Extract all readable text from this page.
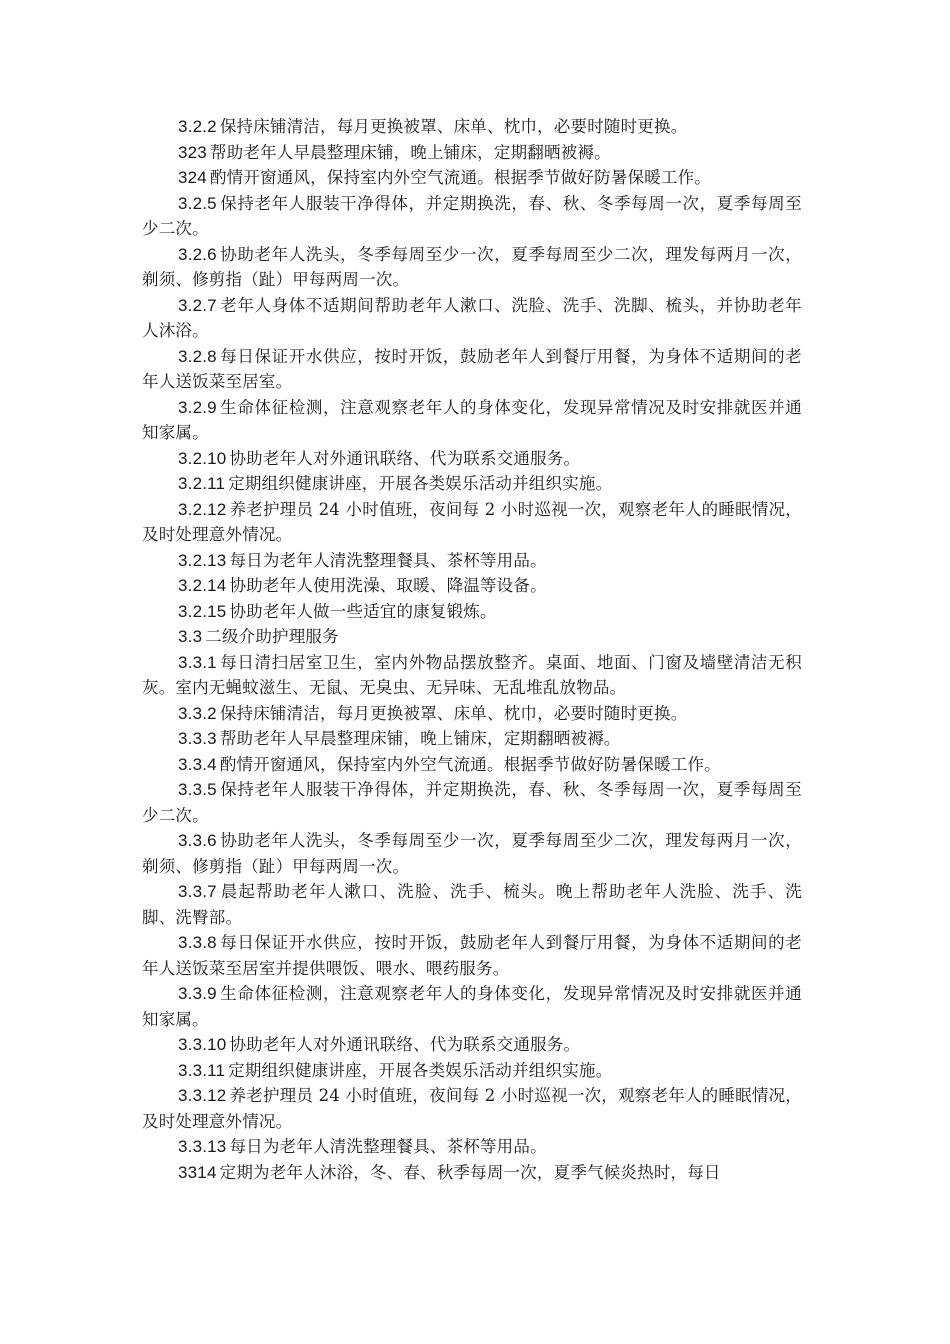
3.2.2 保持床铺清洁，每月更换被罩、床单、枕巾，必要时随时更换。

323 帮助老年人早晨整理床铺，晚上铺床，定期翻晒被褥。

324 酌情开窗通风，保持室内外空气流通。根据季节做好防暑保暖工作。

3.2.5 保持老年人服装干净得体，并定期换洗，春、秋、冬季每周一次，夏季每周至少二次。

3.2.6 协助老年人洗头，冬季每周至少一次，夏季每周至少二次，理发每两月一次，剃须、修剪指（趾）甲每两周一次。

3.2.7 老年人身体不适期间帮助老年人漱口、洗脸、洗手、洗脚、梳头，并协助老年人沐浴。

3.2.8 每日保证开水供应，按时开饭，鼓励老年人到餐厅用餐，为身体不适期间的老年人送饭菜至居室。

3.2.9 生命体征检测，注意观察老年人的身体变化，发现异常情况及时安排就医并通知家属。

3.2.10 协助老年人对外通讯联络、代为联系交通服务。

3.2.11 定期组织健康讲座，开展各类娱乐活动并组织实施。

3.2.12 养老护理员 24 小时值班，夜间每 2 小时巡视一次，观察老年人的睡眠情况，及时处理意外情况。

3.2.13 每日为老年人清洗整理餐具、茶杯等用品。

3.2.14 协助老年人使用洗澡、取暖、降温等设备。

3.2.15 协助老年人做一些适宜的康复锻炼。

3.3 二级介助护理服务

3.3.1 每日清扫居室卫生，室内外物品摆放整齐。桌面、地面、门窗及墙壁清洁无积灰。室内无蝇蚊滋生、无鼠、无臭虫、无异味、无乱堆乱放物品。

3.3.2 保持床铺清洁，每月更换被罩、床单、枕巾，必要时随时更换。

3.3.3 帮助老年人早晨整理床铺，晚上铺床，定期翻晒被褥。

3.3.4 酌情开窗通风，保持室内外空气流通。根据季节做好防暑保暖工作。

3.3.5 保持老年人服装干净得体，并定期换洗，春、秋、冬季每周一次，夏季每周至少二次。

3.3.6 协助老年人洗头，冬季每周至少一次，夏季每周至少二次，理发每两月一次，剃须、修剪指（趾）甲每两周一次。

3.3.7 晨起帮助老年人漱口、洗脸、洗手、梳头。晚上帮助老年人洗脸、洗手、洗脚、洗臀部。

3.3.8 每日保证开水供应，按时开饭，鼓励老年人到餐厅用餐，为身体不适期间的老年人送饭菜至居室并提供喂饭、喂水、喂药服务。

3.3.9 生命体征检测，注意观察老年人的身体变化，发现异常情况及时安排就医并通知家属。

3.3.10 协助老年人对外通讯联络、代为联系交通服务。

3.3.11 定期组织健康讲座，开展各类娱乐活动并组织实施。

3.3.12 养老护理员 24 小时值班，夜间每 2 小时巡视一次，观察老年人的睡眠情况，及时处理意外情况。

3.3.13 每日为老年人清洗整理餐具、茶杯等用品。

3314 定期为老年人沐浴，冬、春、秋季每周一次，夏季气候炎热时，每日
